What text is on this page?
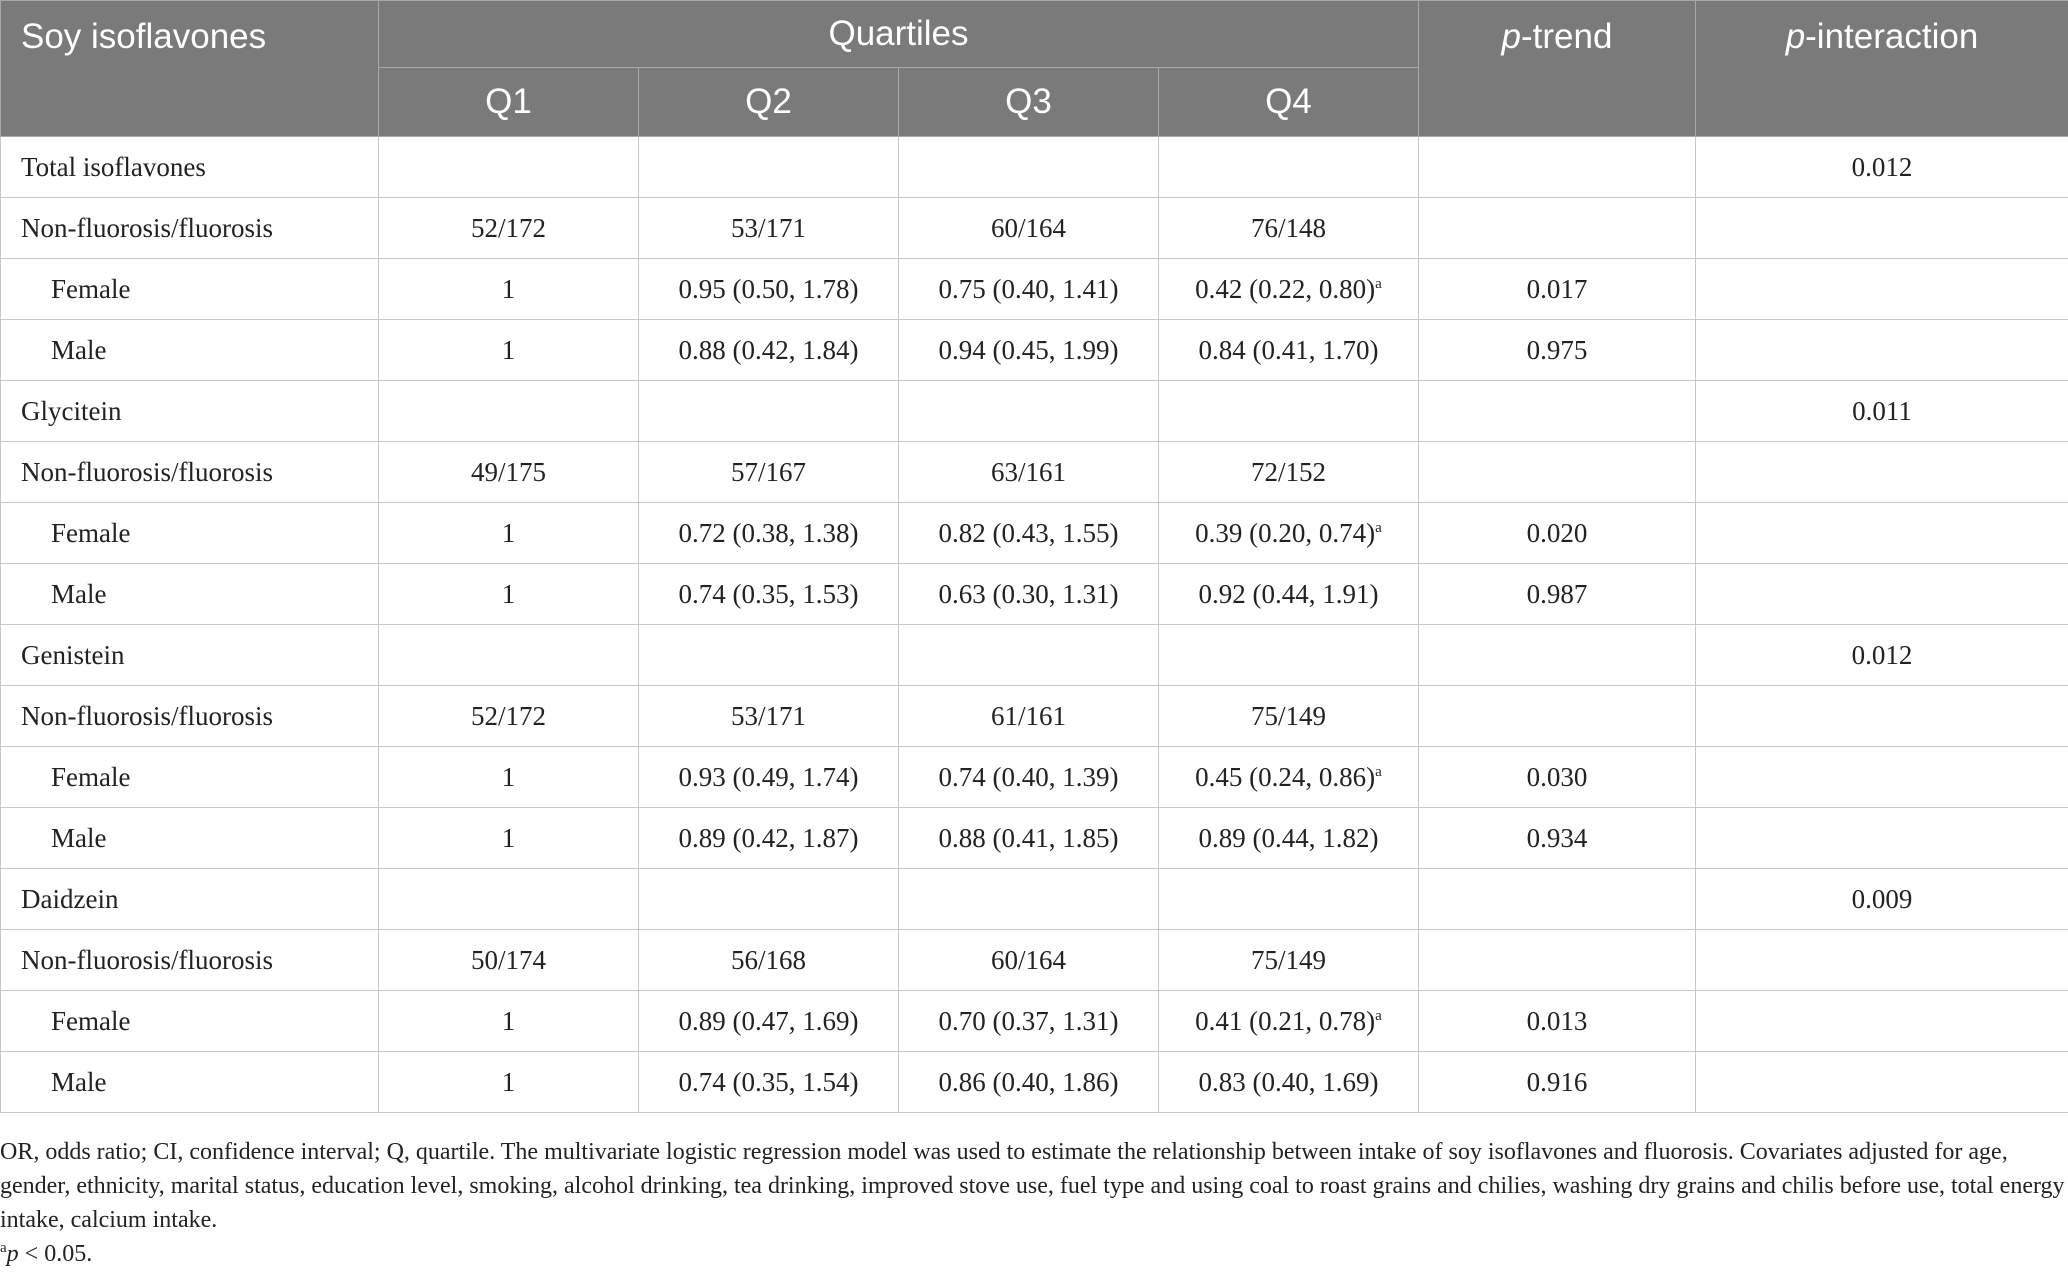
Soy isoflavones	Quartiles				p-trend	p-interaction
	Q1	Q2	Q3	Q4		
Total isoflavones						0.012
Non-fluorosis/fluorosis	52/172	53/171	60/164	76/148		
Female	1	0.95 (0.50, 1.78)	0.75 (0.40, 1.41)	0.42 (0.22, 0.80)$^a$	0.017	
Male	1	0.88 (0.42, 1.84)	0.94 (0.45, 1.99)	0.84 (0.41, 1.70)	0.975	
Glycitein						0.011
Non-fluorosis/fluorosis	49/175	57/167	63/161	72/152		
Female	1	0.72 (0.38, 1.38)	0.82 (0.43, 1.55)	0.39 (0.20, 0.74)$^a$	0.020	
Male	1	0.74 (0.35, 1.53)	0.63 (0.30, 1.31)	0.92 (0.44, 1.91)	0.987	
Genistein						0.012
Non-fluorosis/fluorosis	52/172	53/171	61/161	75/149		
Female	1	0.93 (0.49, 1.74)	0.74 (0.40, 1.39)	0.45 (0.24, 0.86)$^a$	0.030	
Male	1	0.89 (0.42, 1.87)	0.88 (0.41, 1.85)	0.89 (0.44, 1.82)	0.934	
Daidzein						0.009
Non-fluorosis/fluorosis	50/174	56/168	60/164	75/149		
Female	1	0.89 (0.47, 1.69)	0.70 (0.37, 1.31)	0.41 (0.21, 0.78)$^a$	0.013	
Male	1	0.74 (0.35, 1.54)	0.86 (0.40, 1.86)	0.83 (0.40, 1.69)	0.916	

OR, odds ratio; CI, confidence interval; Q, quartile. The multivariate logistic regression model was used to estimate the relationship between intake of soy isoflavones and fluorosis. Covariates adjusted for age, gender, ethnicity, marital status, education level, smoking, alcohol drinking, tea drinking, improved stove use, fuel type and using coal to roast grains and chilies, washing dry grains and chilis before use, total energy intake, calcium intake.

$^a$p < 0.05.
